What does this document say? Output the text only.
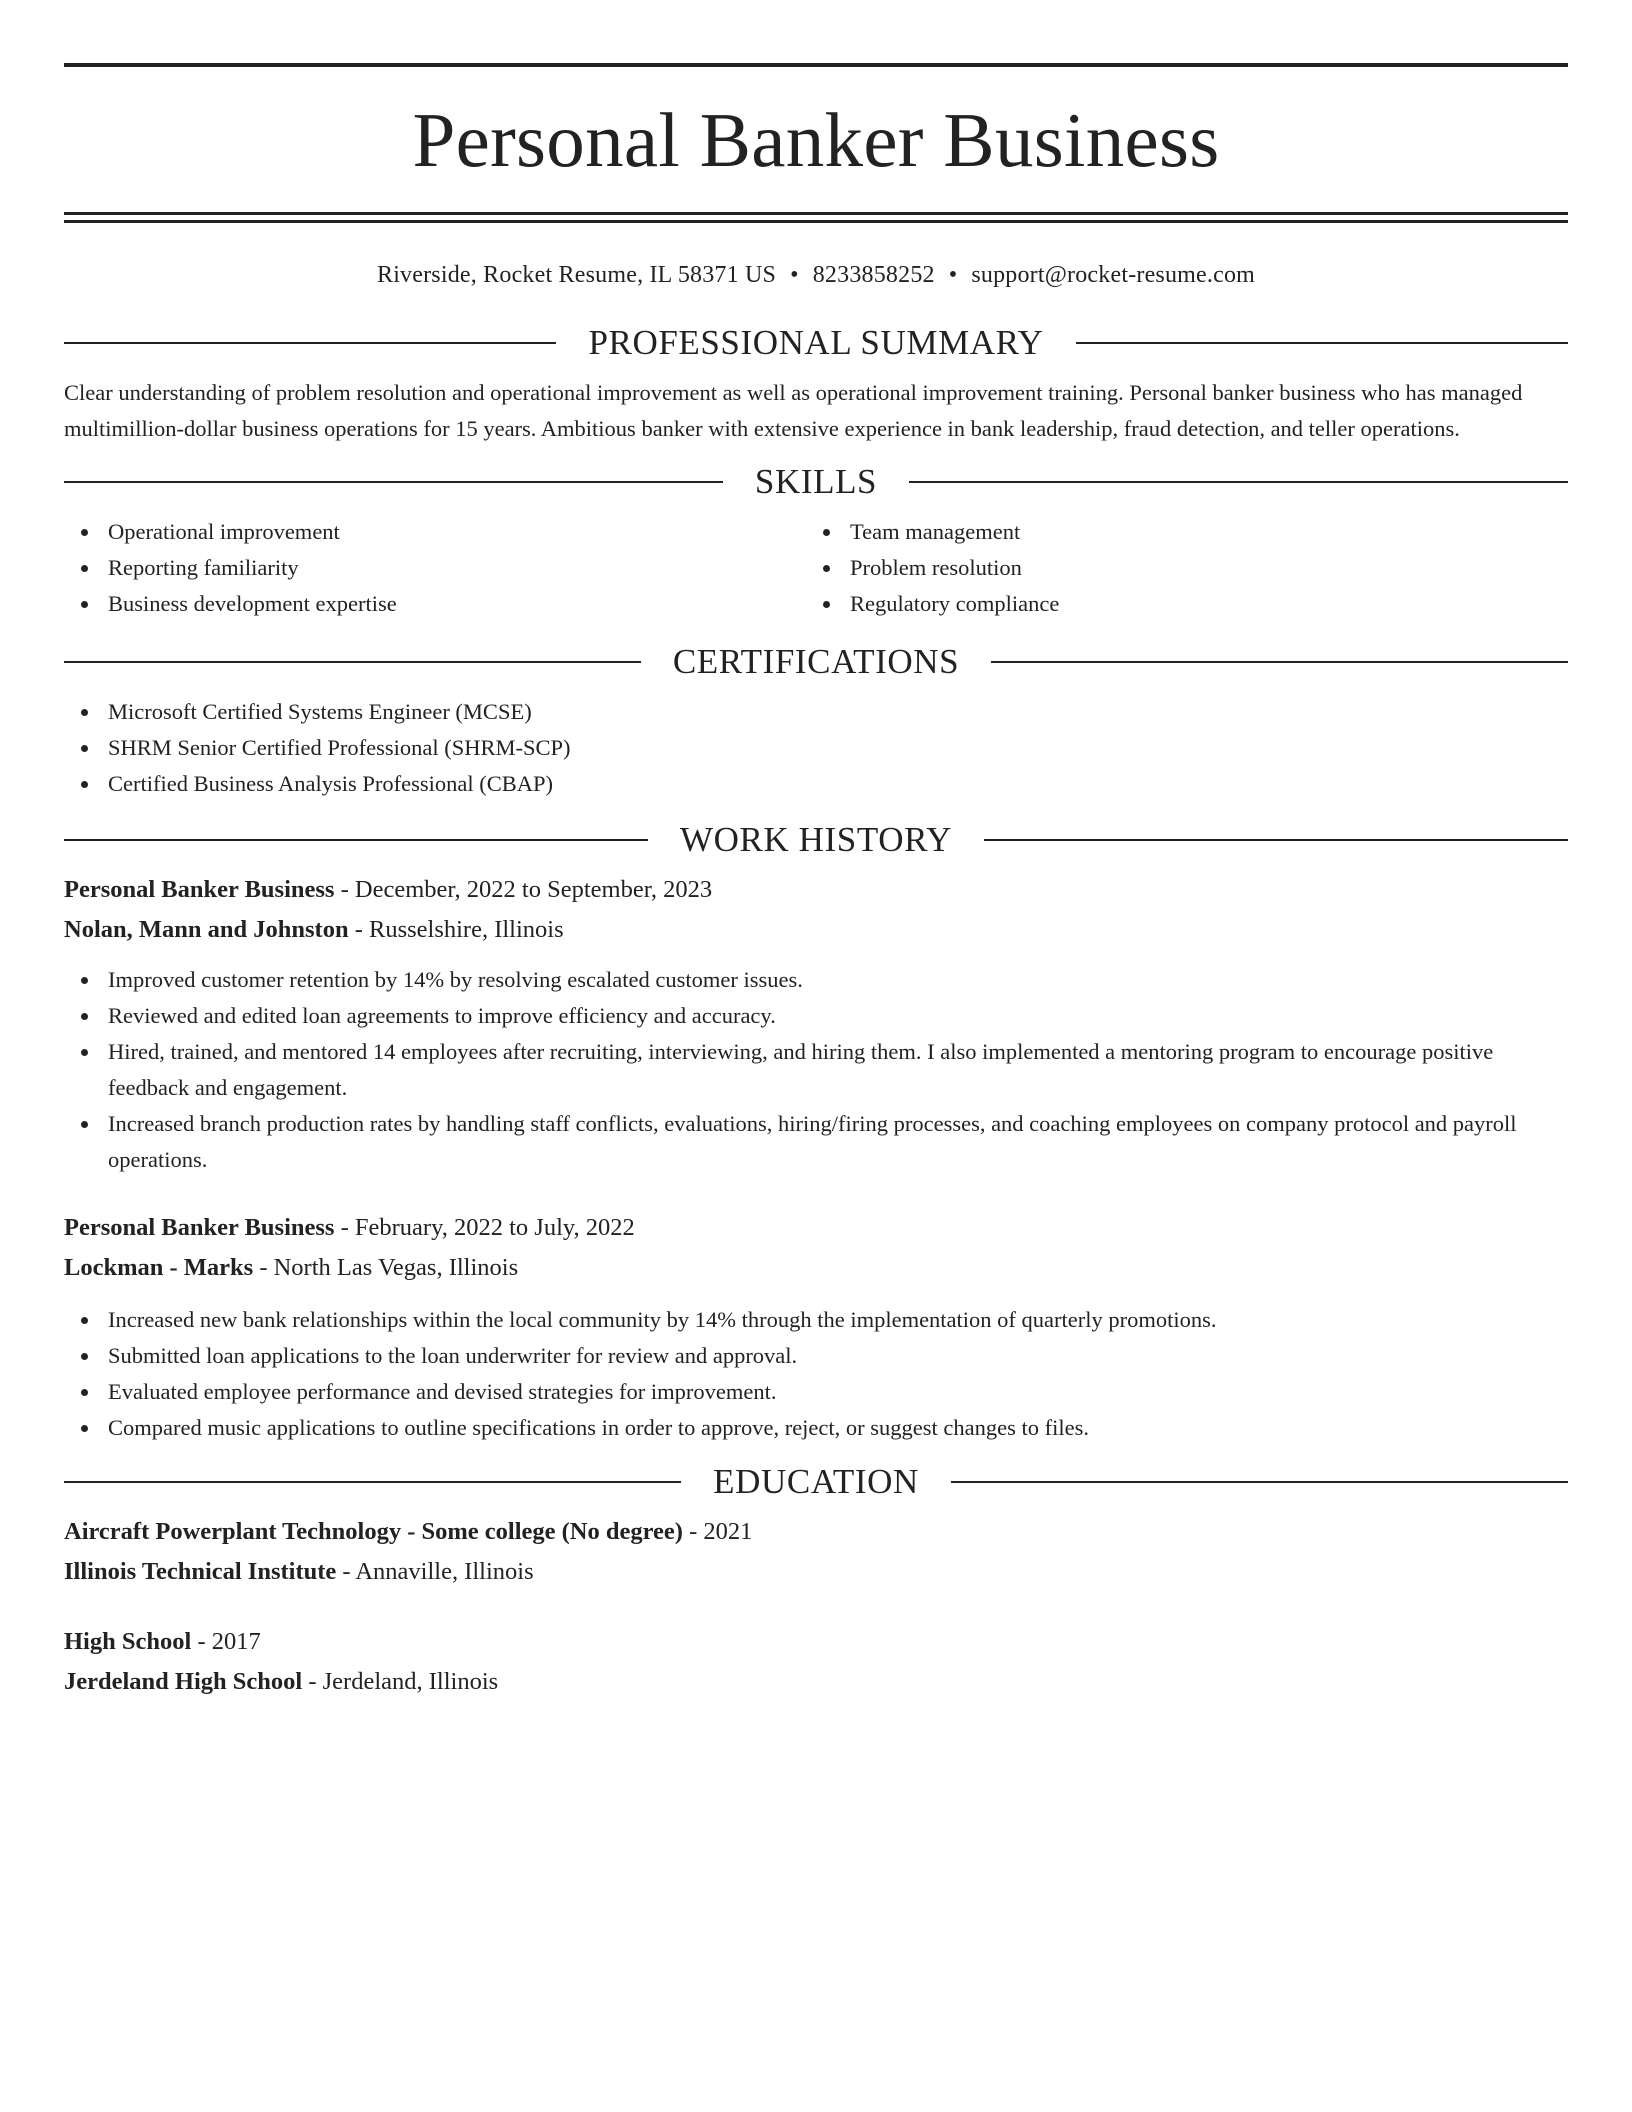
Personal Banker Business
Riverside, Rocket Resume, IL 58371 US • 8233858252 • support@rocket-resume.com
PROFESSIONAL SUMMARY

Clear understanding of problem resolution and operational improvement as well as operational improvement training. Personal banker business who has managed multimillion-dollar business operations for 15 years. Ambitious banker with extensive experience in bank leadership, fraud detection, and teller operations.

SKILLS
Operational improvement
Reporting familiarity
Business development expertise
Team management
Problem resolution
Regulatory compliance
CERTIFICATIONS
Microsoft Certified Systems Engineer (MCSE)
SHRM Senior Certified Professional (SHRM-SCP)
Certified Business Analysis Professional (CBAP)
WORK HISTORY
Personal Banker Business - December, 2022 to September, 2023
Nolan, Mann and Johnston - Russelshire, Illinois
Improved customer retention by 14% by resolving escalated customer issues.
Reviewed and edited loan agreements to improve efficiency and accuracy.
Hired, trained, and mentored 14 employees after recruiting, interviewing, and hiring them. I also implemented a mentoring program to encourage positive feedback and engagement.
Increased branch production rates by handling staff conflicts, evaluations, hiring/firing processes, and coaching employees on company protocol and payroll operations.
Personal Banker Business - February, 2022 to July, 2022
Lockman - Marks - North Las Vegas, Illinois
Increased new bank relationships within the local community by 14% through the implementation of quarterly promotions.
Submitted loan applications to the loan underwriter for review and approval.
Evaluated employee performance and devised strategies for improvement.
Compared music applications to outline specifications in order to approve, reject, or suggest changes to files.
EDUCATION
Aircraft Powerplant Technology - Some college (No degree) - 2021
Illinois Technical Institute - Annaville, Illinois
High School - 2017
Jerdeland High School - Jerdeland, Illinois
